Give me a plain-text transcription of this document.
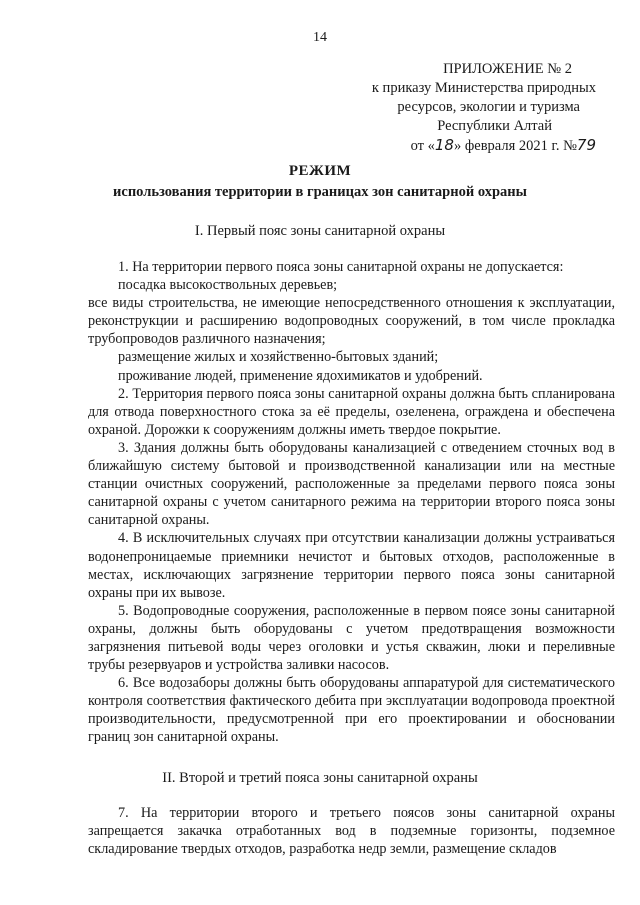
14
ПРИЛОЖЕНИЕ № 2
к приказу Министерства природных
ресурсов, экологии и туризма
Республики Алтай
от «18» февраля 2021 г. №79
РЕЖИМ
использования территории в границах зон санитарной охраны
I. Первый пояс зоны санитарной охраны

1. На территории первого пояса зоны санитарной охраны не допускается:

посадка высокоствольных деревьев;

все виды строительства, не имеющие непосредственного отношения к эксплуатации, реконструкции и расширению водопроводных сооружений, в том числе прокладка трубопроводов различного назначения;

размещение жилых и хозяйственно-бытовых зданий;

проживание людей, применение ядохимикатов и удобрений.

2. Территория первого пояса зоны санитарной охраны должна быть спланирована для отвода поверхностного стока за её пределы, озеленена, ограждена и обеспечена охраной. Дорожки к сооружениям должны иметь твердое покрытие.

3. Здания должны быть оборудованы канализацией с отведением сточных вод в ближайшую систему бытовой и производственной канализации или на местные станции очистных сооружений, расположенные за пределами первого пояса зоны санитарной охраны с учетом санитарного режима на территории второго пояса зоны санитарной охраны.

4. В исключительных случаях при отсутствии канализации должны устраиваться водонепроницаемые приемники нечистот и бытовых отходов, расположенные в местах, исключающих загрязнение территории первого пояса зоны санитарной охраны при их вывозе.

5. Водопроводные сооружения, расположенные в первом поясе зоны санитарной охраны, должны быть оборудованы с учетом предотвращения возможности загрязнения питьевой воды через оголовки и устья скважин, люки и переливные трубы резервуаров и устройства заливки насосов.

6. Все водозаборы должны быть оборудованы аппаратурой для систематического контроля соответствия фактического дебита при эксплуатации водопровода проектной производительности, предусмотренной при его проектировании и обосновании границ зон санитарной охраны.

II. Второй и третий пояса зоны санитарной охраны

7. На территории второго и третьего поясов зоны санитарной охраны запрещается закачка отработанных вод в подземные горизонты, подземное складирование твердых отходов, разработка недр земли, размещение складов
